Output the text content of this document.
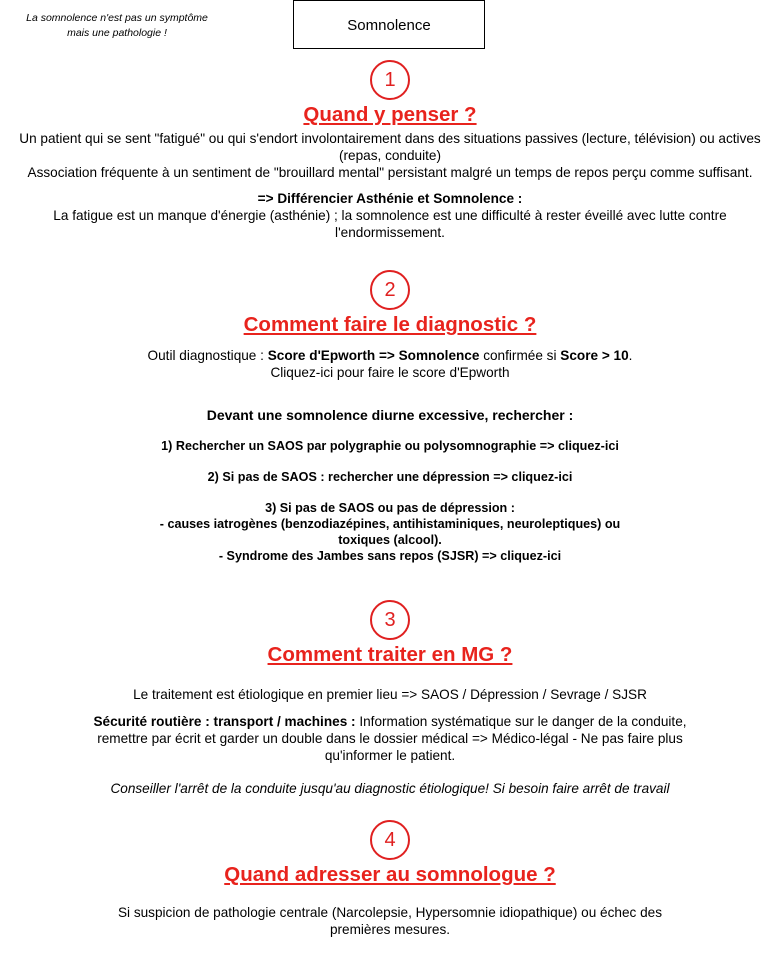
La somnolence n'est pas un symptôme
mais une pathologie !	Somnolence
1
Quand y penser ?
Un patient qui se sent "fatigué" ou qui s'endort involontairement dans des situations passives (lecture, télévision) ou actives
(repas, conduite)
Association fréquente à un sentiment de "brouillard mental" persistant malgré un temps de repos perçu comme suffisant.
=> Différencier Asthénie et Somnolence :
La fatigue est un manque d'énergie (asthénie) ; la somnolence est une difficulté à rester éveillé avec lutte contre
l'endormissement.
2
Comment faire le diagnostic ?
Outil diagnostique : Score d'Epworth => Somnolence confirmée si Score > 10.
Cliquez-ici pour faire le score d'Epworth
Devant une somnolence diurne excessive, rechercher :
1) Rechercher un SAOS par polygraphie ou polysomnographie => cliquez-ici
2) Si pas de SAOS : rechercher une dépression => cliquez-ici
3) Si pas de SAOS ou pas de dépression :
- causes iatrogènes (benzodiazépines, antihistaminiques, neuroleptiques) ou
toxiques (alcool).
- Syndrome des Jambes sans repos (SJSR) => cliquez-ici
3
Comment traiter en MG ?
Le traitement est étiologique en premier lieu => SAOS / Dépression / Sevrage / SJSR
Sécurité routière : transport / machines : Information systématique sur le danger de la conduite,
remettre par écrit et garder un double dans le dossier médical => Médico-légal - Ne pas faire plus
qu'informer le patient.
Conseiller l'arrêt de la conduite jusqu'au diagnostic étiologique! Si besoin faire arrêt de travail
4
Quand adresser au somnologue ?
Si suspicion de pathologie centrale (Narcolepsie, Hypersomnie idiopathique) ou échec des
premières mesures.
